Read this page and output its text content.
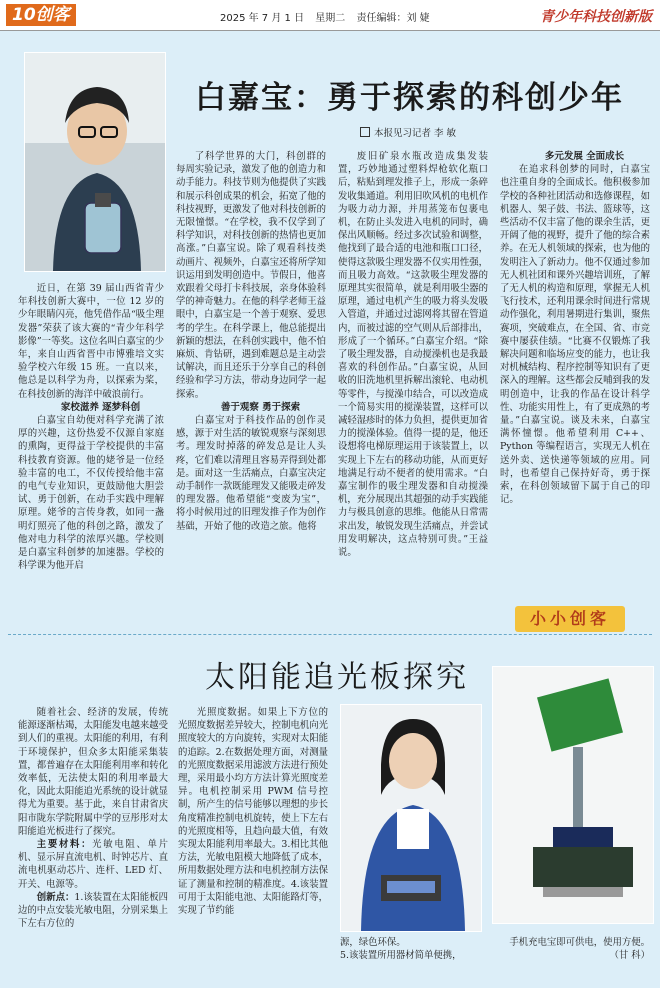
10创客	2025 年 7 月 1 日 星期二 责任编辑：刘 婕	青少年科技创新版
白嘉宝：勇于探索的科创少年
本报见习记者 李 敏

近日，在第 39 届山西省青少年科技创新大赛中，一位 12 岁的少年眼睛闪亮，他凭借作品“吸尘理发器”荣获了该大赛的“青少年科学影像”一等奖。这位名叫白嘉宝的少年，来自山西省晋中市博雅培文实验学校六年级 15 班。一直以来，他总是以科学为舟，以探索为桨，在科技创新的海洋中破浪前行。

家校滋养 逐梦科创

白嘉宝自幼便对科学充满了浓厚的兴趣，这份热爱不仅源自家庭的熏陶，更得益于学校提供的丰富科技教育资源。他的姥爷是一位经验丰富的电工，不仅传授给他丰富的电气专业知识，更鼓励他大胆尝试、勇于创新，在动手实践中理解原理。姥爷的言传身教，如同一盏明灯照亮了他的科创之路，激发了他对电力科学的浓厚兴趣。学校则是白嘉宝科创梦的加速器。学校的科学课为他开启

了科学世界的大门，科创群的每周实验记录，激发了他的创造力和动手能力。科技节则为他提供了实践和展示科创成果的机会，拓宽了他的科技视野，更激发了他对科技创新的无限憧憬。“在学校，我不仅学到了科学知识，对科技创新的热情也更加高涨。”白嘉宝说。除了观看科技类动画片、视频外，白嘉宝还将所学知识运用到发明创造中。节假日，他喜欢跟着父母打卡科技展，亲身体验科学的神奇魅力。在他的科学老师王益眼中，白嘉宝是一个善于观察、爱思考的学生。在科学课上，他总能提出新颖的想法，在科创实践中，他不怕麻烦、肯钻研，遇到难题总是主动尝试解决，而且还乐于分享自己的科创经验和学习方法，带动身边同学一起探索。

善于观察 勇于探索

白嘉宝对于科技作品的创作灵感，源于对生活的敏锐观察与深刻思考。理发时掉落的碎发总是让人头疼，它们难以清理且容易弄得到处都是。面对这一生活痛点，白嘉宝决定动手制作一款既能理发又能吸走碎发的理发器。他希望能“变废为宝”，将小时候用过的旧理发推子作为创作基础，开始了他的改造之旅。他将

废旧矿泉水瓶改造成集发装置，巧妙地通过塑料焊枪软化瓶口后，粘贴到理发推子上，形成一条碎发收集通道。利用旧吹风机的电机作为吸力动力源，并用蒸笼布包裹电机，在防止头发进入电机的同时，确保出风顺畅。经过多次试验和调整，他找到了最合适的电池和瓶口口径，使得这款吸尘理发器不仅实用性强，而且吸力高效。“这款吸尘理发器的原理其实很简单，就是利用吸尘器的原理，通过电机产生的吸力将头发吸入管道，并通过过滤网将其留在管道内，而被过滤的空气则从后部排出，形成了一个循环。”白嘉宝介绍。“除了吸尘理发器，自动搅澡机也是我最喜欢的科创作品。”白嘉宝说，从回收的旧洗地机里拆解出滚轮、电动机等零件，与搅澡巾结合，可以改造成一个简易实用的搅澡装置，这样可以减轻湿疹时的体力负担，提供更加省力的搅澡体验。值得一提的是，他还设想将电梯原理运用于该装置上，以实现上下左右的移动功能，从而更好地满足行动不便者的使用需求。“白嘉宝制作的吸尘理发器和自动搅澡机，充分展现出其超强的动手实践能力与极具创意的思维。他能从日常需求出发，敏锐发现生活痛点，并尝试用发明解决，这点特别可贵。”王益说。

多元发展 全面成长

在追求科创梦的同时，白嘉宝也注重自身的全面成长。他积极参加学校的各种社团活动和选修课程，如机器人、架子鼓、书法、篮球等，这些活动不仅丰富了他的课余生活，更开阔了他的视野，提升了他的综合素养。在无人机领域的探索，也为他的发明注入了新动力。他不仅通过参加无人机社团和课外兴趣培训班，了解了无人机的构造和原理，掌握无人机飞行技术，还利用课余时间进行常规动作强化，利用暑期进行集训，聚焦赛项，突破难点，在全国、省、市竞赛中屡获佳绩。“比赛不仅锻炼了我解决问题和临场应变的能力，也让我对机械结构、程序控制等知识有了更深入的理解。这些都会反哺到我的发明创造中，让我的作品在设计科学性、功能实用性上，有了更成熟的考量。”白嘉宝说。谈及未来，白嘉宝满怀憧憬。他希望利用 C++、Python 等编程语言，实现无人机在送外卖、送快递等领域的应用。同时，也希望自己保持好奇，勇于探索，在科创领域留下属于自己的印记。

小小创客
太阳能追光板探究

随着社会、经济的发展，传统能源逐渐枯竭，太阳能发电越来越受到人们的重视。太阳能的利用，有利于环境保护，但众多太阳能采集装置，都普遍存在太阳能利用率和转化效率低，无法使太阳的利用率最大化，因此太阳能追光系统的设计就显得尤为重要。基于此，来自甘肃省庆阳市陇东学院附属中学的豆彤彤对太阳能追光板进行了探究。

主要材料：光敏电阻、单片机、显示屏直流电机、时钟芯片、直流电机驱动芯片、连杆、LED 灯、开关、电源等。

创新点：1.该装置在太阳能板四边的中点安装光敏电阻，分别采集上下左右方位的

光照度数据。如果上下方位的光照度数据差异较大，控制电机向光照度较大的方向旋转，实现对太阳能的追踪。2.在数据处理方面，对测量的光照度数据采用滤波方法进行预处理，采用最小均方方法计算光照度差异。电机控制采用 PWM 信号控制，所产生的信号能够以理想的步长角度精准控制电机旋转，使上下左右的光照度相等，且趋向最大值，有效实现太阳能利用率最大。3.相比其他方法，光敏电阻模大地降低了成本，所用数据处理方法和电机控制方法保证了测量和控制的精准度。4.该装置可用于太阳能电池、太阳能路灯等，实现了节约能

源，绿色环保。
5.该装置所用器材简单便携，
手机充电宝即可供电，使用方便。
（甘 科）
